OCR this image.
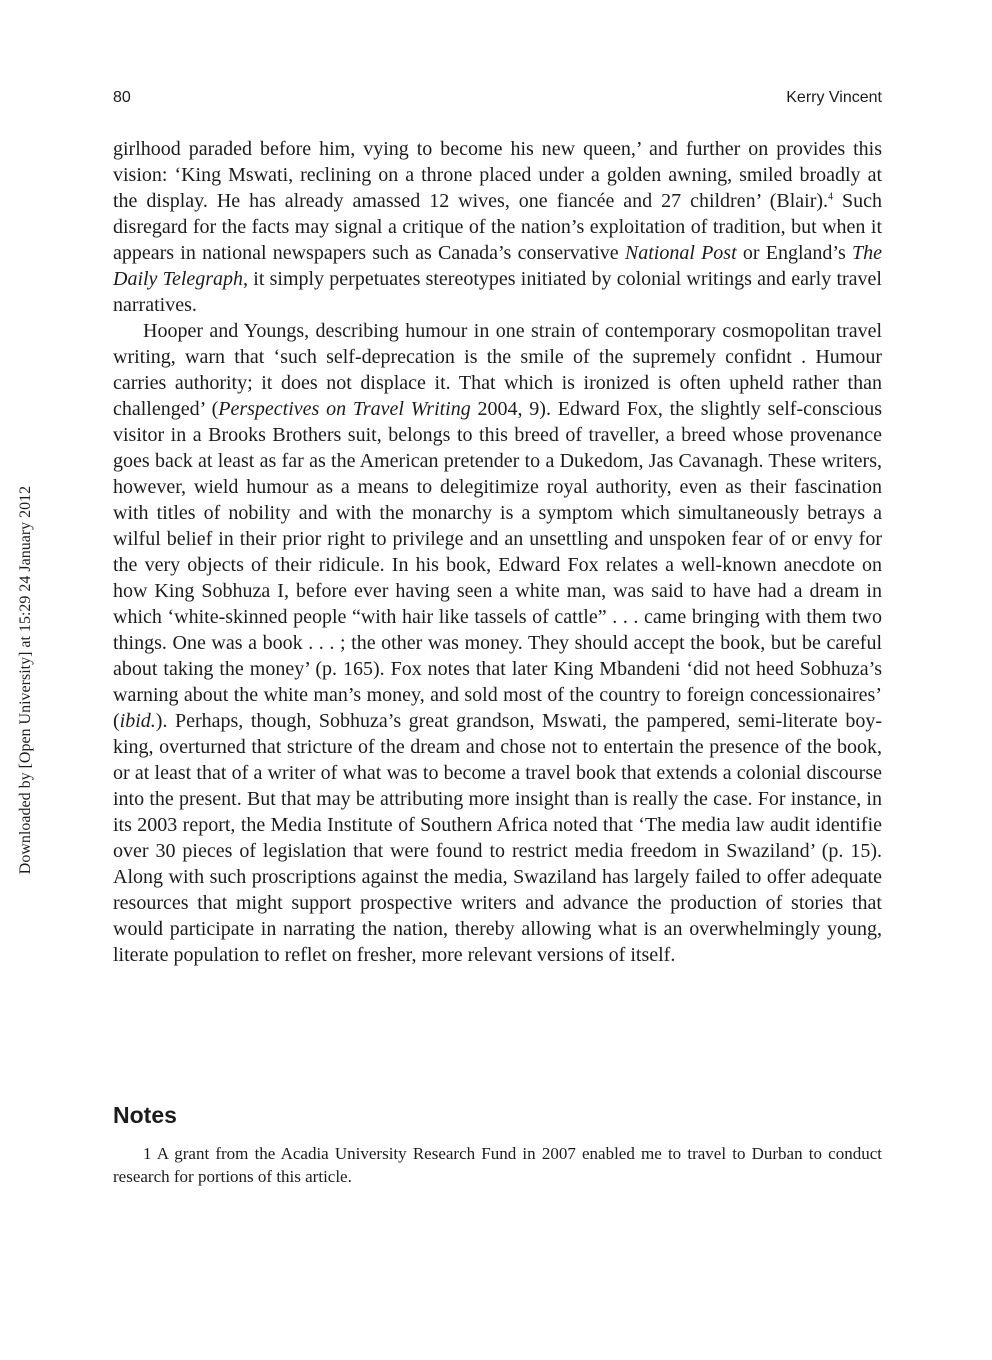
80	Kerry Vincent
Downloaded by [Open University] at 15:29 24 January 2012

girlhood paraded before him, vying to become his new queen,’ and further on provides this vision: ‘King Mswati, reclining on a throne placed under a golden awning, smiled broadly at the display. He has already amassed 12 wives, one fiancée and 27 children’ (Blair).$^4$ Such disregard for the facts may signal a critique of the nation’s exploitation of tradition, but when it appears in national newspapers such as Canada’s conservative National Post or England’s The Daily Telegraph, it simply perpetuates stereotypes initiated by colonial writings and early travel narratives.

Hooper and Youngs, describing humour in one strain of contemporary cosmopolitan travel writing, warn that ‘such self-deprecation is the smile of the supremely confidnt . Humour carries authority; it does not displace it. That which is ironized is often upheld rather than challenged’ (Perspectives on Travel Writing 2004, 9). Edward Fox, the slightly self-conscious visitor in a Brooks Brothers suit, belongs to this breed of traveller, a breed whose provenance goes back at least as far as the American pretender to a Dukedom, Jas Cavanagh. These writers, however, wield humour as a means to delegitimize royal authority, even as their fascination with titles of nobility and with the monarchy is a symptom which simultaneously betrays a wilful belief in their prior right to privilege and an unsettling and unspoken fear of or envy for the very objects of their ridicule. In his book, Edward Fox relates a well-known anecdote on how King Sobhuza I, before ever having seen a white man, was said to have had a dream in which ‘white-skinned people “with hair like tassels of cattle” . . . came bringing with them two things. One was a book . . . ; the other was money. They should accept the book, but be careful about taking the money’ (p. 165). Fox notes that later King Mbandeni ‘did not heed Sobhuza’s warning about the white man’s money, and sold most of the country to foreign concessionaires’ (ibid.). Perhaps, though, Sobhuza’s great grandson, Mswati, the pampered, semi-literate boy-king, overturned that stricture of the dream and chose not to entertain the presence of the book, or at least that of a writer of what was to become a travel book that extends a colonial discourse into the present. But that may be attributing more insight than is really the case. For instance, in its 2003 report, the Media Institute of Southern Africa noted that ‘The media law audit identifie over 30 pieces of legislation that were found to restrict media freedom in Swaziland’ (p. 15). Along with such proscriptions against the media, Swaziland has largely failed to offer adequate resources that might support prospective writers and advance the production of stories that would participate in narrating the nation, thereby allowing what is an overwhelmingly young, literate population to reflet on fresher, more relevant versions of itself.

Notes

1 A grant from the Acadia University Research Fund in 2007 enabled me to travel to Durban to conduct research for portions of this article.
